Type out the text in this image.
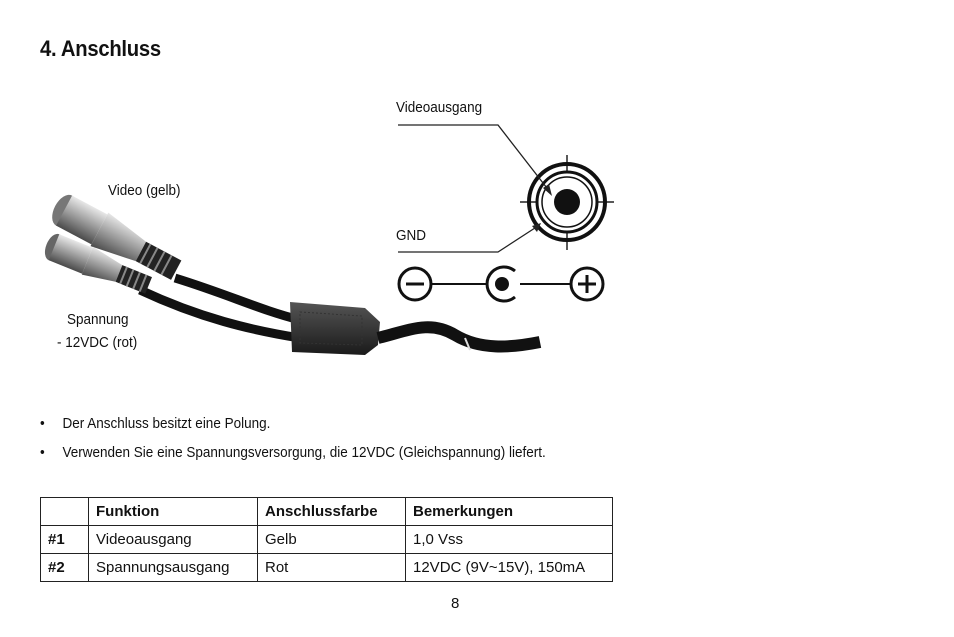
4. Anschluss
Video (gelb)
Spannung
- 12VDC (rot)
Videoausgang
GND
• Der Anschluss besitzt eine Polung.
• Verwenden Sie eine Spannungsversorgung, die 12VDC (Gleichspannung) liefert.
	Funktion	Anschlussfarbe	Bemerkungen
#1	Videoausgang	Gelb	1,0 Vss
#2	Spannungsausgang	Rot	12VDC (9V~15V), 150mA
8
